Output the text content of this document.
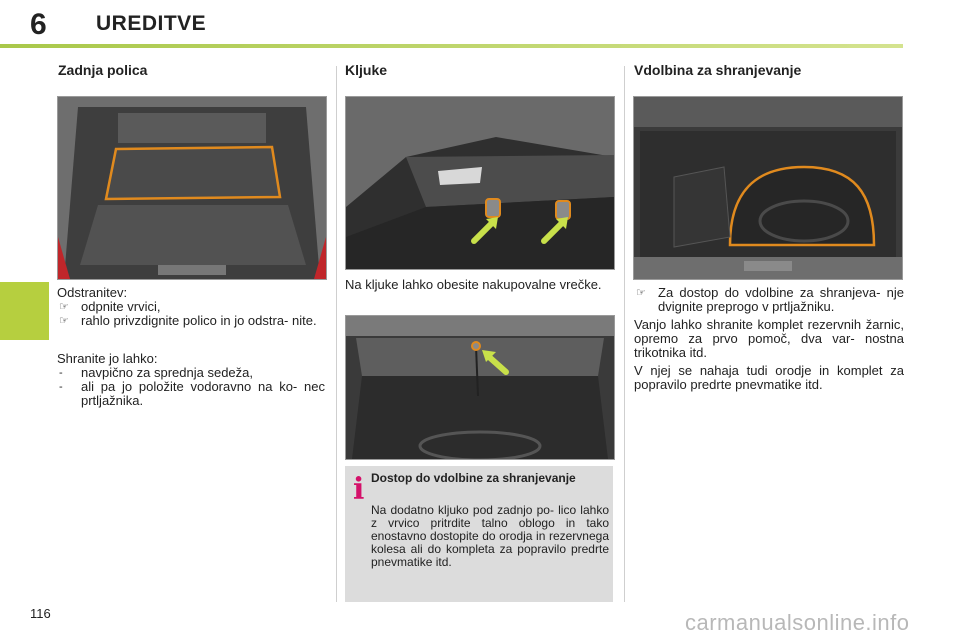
6 UREDITVE
Zadnja polica

Odstranitev:

☞ odpnite vrvici,
☞ rahlo privzdignite polico in jo odstra- nite.

Shranite jo lahko:

- navpično za sprednja sedeža,
- ali pa jo položite vodoravno na ko- nec prtljažnika.
Kljuke
Na kljuke lahko obesite nakupovalne vrečke.
i Dostop do vdolbine za shranjevanje
Na dodatno kljuko pod zadnjo po- lico lahko z vrvico pritrdite talno oblogo in tako enostavno dostopite do orodja in rezervnega kolesa ali do kompleta za popravilo predrte pnevmatike itd.
Vdolbina za shranjevanje
☞ Za dostop do vdolbine za shranjeva- nje dvignite preprogo v prtljažniku.

Vanjo lahko shranite komplet rezervnih žarnic, opremo za prvo pomoč, dva var- nostna trikotnika itd.

V njej se nahaja tudi orodje in komplet za popravilo predrte pnevmatike itd.

116	carmanualsonline.info
